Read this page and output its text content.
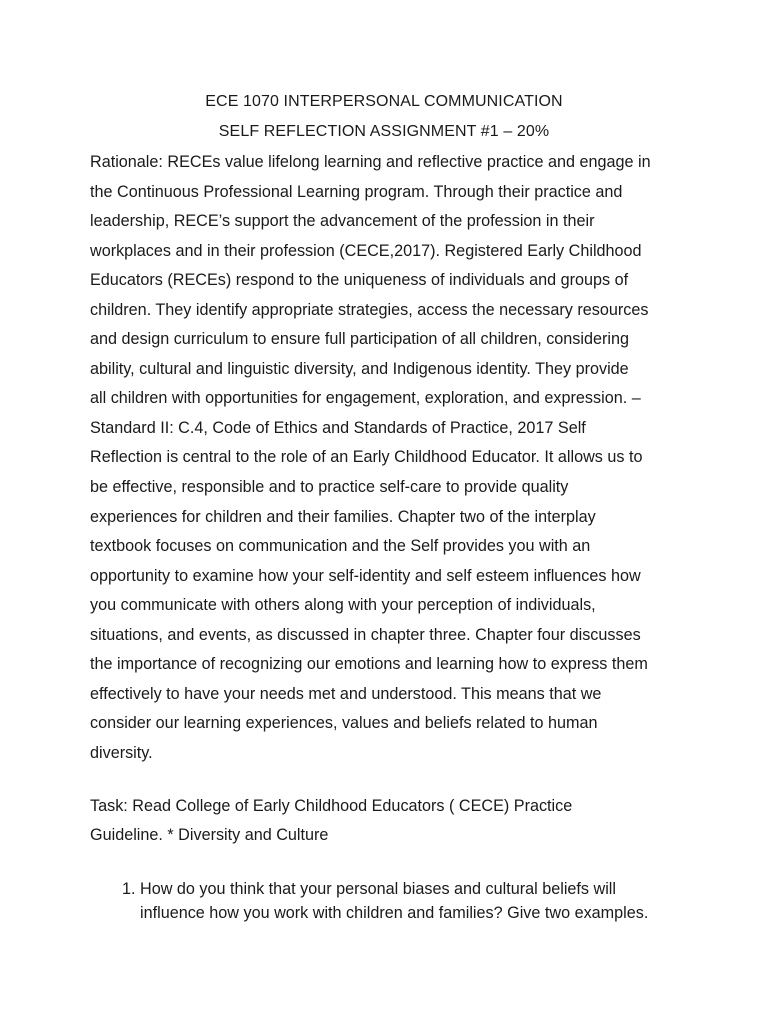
ECE 1070 INTERPERSONAL COMMUNICATION
SELF REFLECTION ASSIGNMENT #1 – 20%
Rationale: RECEs value lifelong learning and reflective practice and engage in
the Continuous Professional Learning program. Through their practice and
leadership, RECE’s support the advancement of the profession in their
workplaces and in their profession (CECE,2017). Registered Early Childhood
Educators (RECEs) respond to the uniqueness of individuals and groups of
children. They identify appropriate strategies, access the necessary resources
and design curriculum to ensure full participation of all children, considering
ability, cultural and linguistic diversity, and Indigenous identity. They provide
all children with opportunities for engagement, exploration, and expression. –
Standard II: C.4, Code of Ethics and Standards of Practice, 2017 Self
Reflection is central to the role of an Early Childhood Educator. It allows us to
be effective, responsible and to practice self-care to provide quality
experiences for children and their families. Chapter two of the interplay
textbook focuses on communication and the Self provides you with an
opportunity to examine how your self-identity and self esteem influences how
you communicate with others along with your perception of individuals,
situations, and events, as discussed in chapter three. Chapter four discusses
the importance of recognizing our emotions and learning how to express them
effectively to have your needs met and understood. This means that we
consider our learning experiences, values and beliefs related to human
diversity.
Task: Read College of Early Childhood Educators ( CECE) Practice
Guideline. * Diversity and Culture
1. How do you think that your personal biases and cultural beliefs will
influence how you work with children and families? Give two examples.
